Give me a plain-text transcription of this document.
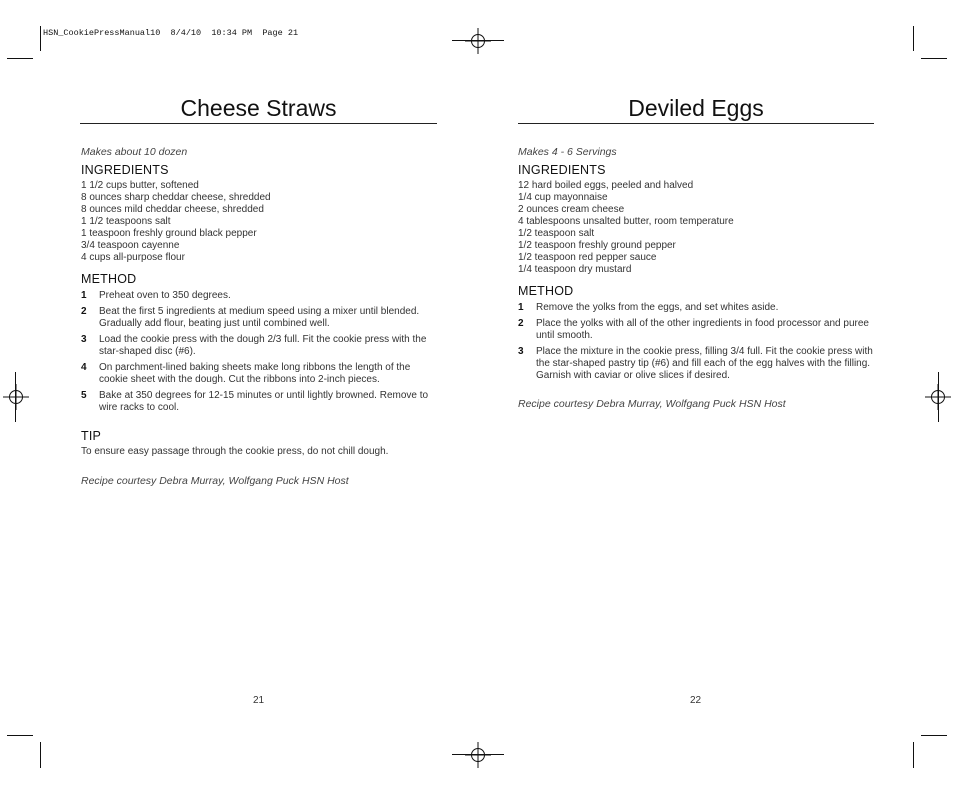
HSN_CookiePressManual10  8/4/10  10:34 PM  Page 21
Cheese Straws
Makes about 10 dozen
INGREDIENTS
1 1/2 cups butter, softened
8 ounces sharp cheddar cheese, shredded
8 ounces mild cheddar cheese, shredded
1 1/2 teaspoons salt
1 teaspoon freshly ground black pepper
3/4 teaspoon cayenne
4 cups all-purpose flour
METHOD
1	Preheat oven to 350 degrees.
2	Beat the first 5 ingredients at medium speed using a mixer until blended. Gradually add flour, beating just until combined well.
3	Load the cookie press with the dough 2/3 full. Fit the cookie press with the star-shaped disc (#6).
4	On parchment-lined baking sheets make long ribbons the length of the cookie sheet with the dough. Cut the ribbons into 2-inch pieces.
5	Bake at 350 degrees for 12-15 minutes or until lightly browned. Remove to wire racks to cool.
TIP
To ensure easy passage through the cookie press, do not chill dough.
Recipe courtesy Debra Murray, Wolfgang Puck HSN Host
Deviled Eggs
Makes 4 - 6 Servings
INGREDIENTS
12 hard boiled eggs, peeled and halved
1/4 cup mayonnaise
2 ounces cream cheese
4 tablespoons unsalted butter, room temperature
1/2 teaspoon salt
1/2 teaspoon freshly ground pepper
1/2 teaspoon red pepper sauce
1/4 teaspoon dry mustard
METHOD
1	Remove the yolks from the eggs, and set whites aside.
2	Place the yolks with all of the other ingredients in food processor and puree until smooth.
3	Place the mixture in the cookie press, filling 3/4 full. Fit the cookie press with the star-shaped pastry tip (#6) and fill each of the egg halves with the filling. Garnish with caviar or olive slices if desired.
Recipe courtesy Debra Murray, Wolfgang Puck HSN Host
21	22
